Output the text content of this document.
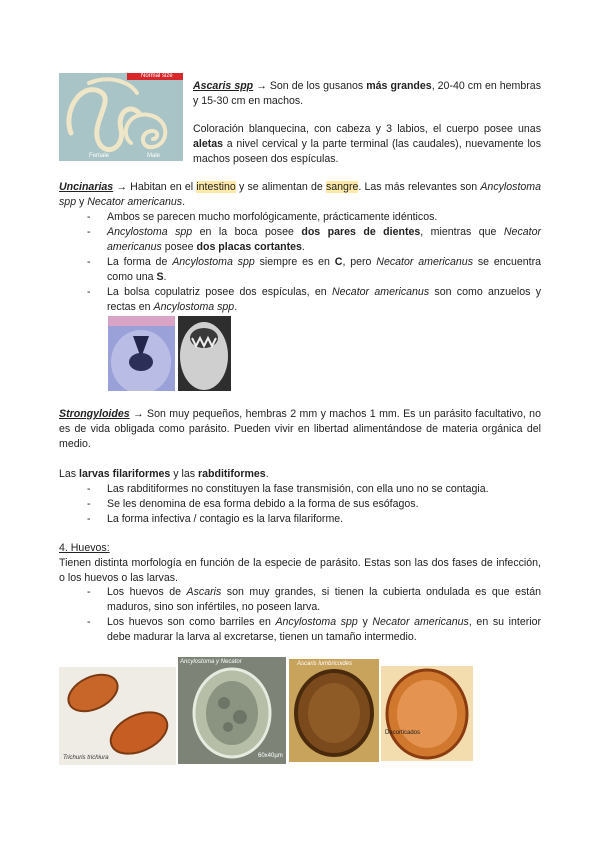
Normal size
Female	Male

Ascaris spp → Son de los gusanos más grandes, 20-40 cm en hembras y 15-30 cm en machos.

Coloración blanquecina, con cabeza y 3 labios, el cuerpo posee unas aletas a nivel cervical y la parte terminal (las caudales), nuevamente los machos poseen dos espículas.

Uncinarias → Habitan en el intestino y se alimentan de sangre. Las más relevantes son Ancylostoma spp y Necator americanus.

- Ambos se parecen mucho morfológicamente, prácticamente idénticos.
- Ancylostoma spp en la boca posee dos pares de dientes, mientras que Necator americanus posee dos placas cortantes.
- La forma de Ancylostoma spp siempre es en C, pero Necator americanus se encuentra como una S.
- La bolsa copulatriz posee dos espículas, en Necator americanus son como anzuelos y rectas en Ancylostoma spp.

Strongyloides → Son muy pequeños, hembras 2 mm y machos 1 mm. Es un parásito facultativo, no es de vida obligada como parásito. Pueden vivir en libertad alimentándose de materia orgánica del medio.

Las larvas filariformes y las rabditiformes.

- Las rabditiformes no constituyen la fase transmisión, con ella uno no se contagia.
- Se les denomina de esa forma debido a la forma de sus esófagos.
- La forma infectiva / contagio es la larva filariforme.

4. Huevos:

Tienen distinta morfología en función de la especie de parásito. Estas son las dos fases de infección, o los huevos o las larvas.

- Los huevos de Ascaris son muy grandes, si tienen la cubierta ondulada es que están maduros, sino son infértiles, no poseen larva.
- Los huevos son como barriles en Ancylostoma spp y Necator americanus, en su interior debe madurar la larva al excretarse, tienen un tamaño intermedio.
Trichuris trichiura
Ancylostoma y Necator
60x40µm
Ascaris lumbricoides
Decorticados
